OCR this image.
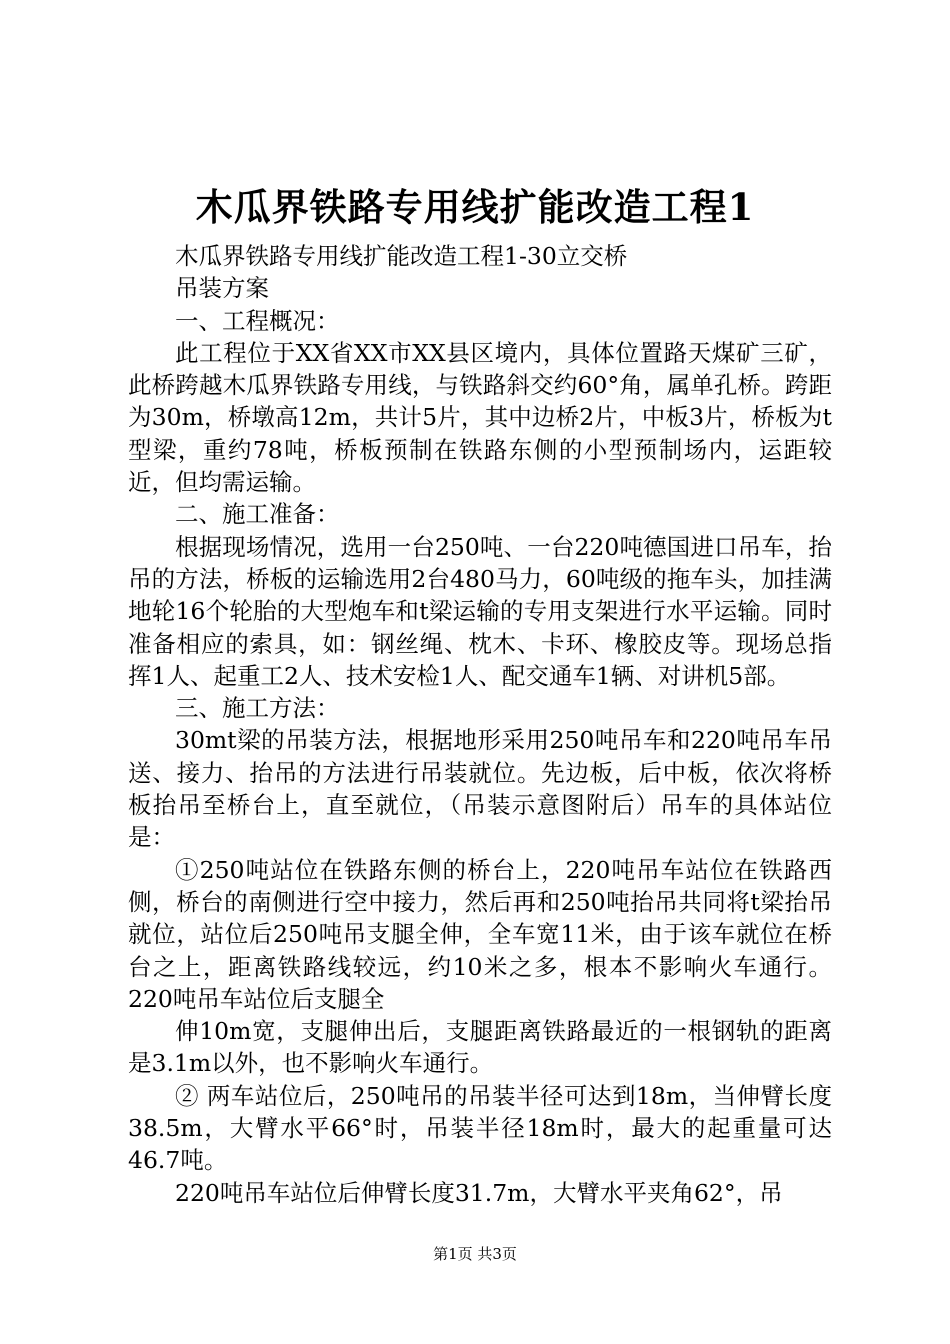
木瓜界铁路专用线扩能改造工程1

木瓜界铁路专用线扩能改造工程1-30立交桥

吊装方案

一、工程概况：

此工程位于XX省XX市XX县区境内，具体位置路天煤矿三矿，此桥跨越木瓜界铁路专用线，与铁路斜交约60°角，属单孔桥。跨距为30m，桥墩高12m，共计5片，其中边桥2片，中板3片，桥板为t型梁，重约78吨，桥板预制在铁路东侧的小型预制场内，运距较近，但均需运输。

二、施工准备：

根据现场情况，选用一台250吨、一台220吨德国进口吊车，抬吊的方法，桥板的运输选用2台480马力，60吨级的拖车头，加挂满地轮16个轮胎的大型炮车和t梁运输的专用支架进行水平运输。同时准备相应的索具，如：钢丝绳、枕木、卡环、橡胶皮等。现场总指挥1人、起重工2人、技术安检1人、配交通车1辆、对讲机5部。

三、施工方法：

30mt梁的吊装方法，根据地形采用250吨吊车和220吨吊车吊送、接力、抬吊的方法进行吊装就位。先边板，后中板，依次将桥板抬吊至桥台上，直至就位，（吊装示意图附后）吊车的具体站位是：

①250吨站位在铁路东侧的桥台上，220吨吊车站位在铁路西侧，桥台的南侧进行空中接力，然后再和250吨抬吊共同将t梁抬吊就位，站位后250吨吊支腿全伸，全车宽11米，由于该车就位在桥台之上，距离铁路线较远，约10米之多，根本不影响火车通行。220吨吊车站位后支腿全

伸10m宽，支腿伸出后，支腿距离铁路最近的一根钢轨的距离是3.1m以外，也不影响火车通行。

② 两车站位后，250吨吊的吊装半径可达到18m，当伸臂长度38.5m，大臂水平66°时，吊装半径18m时，最大的起重量可达46.7吨。

220吨吊车站位后伸臂长度31.7m，大臂水平夹角62°，吊

第1页 共3页
